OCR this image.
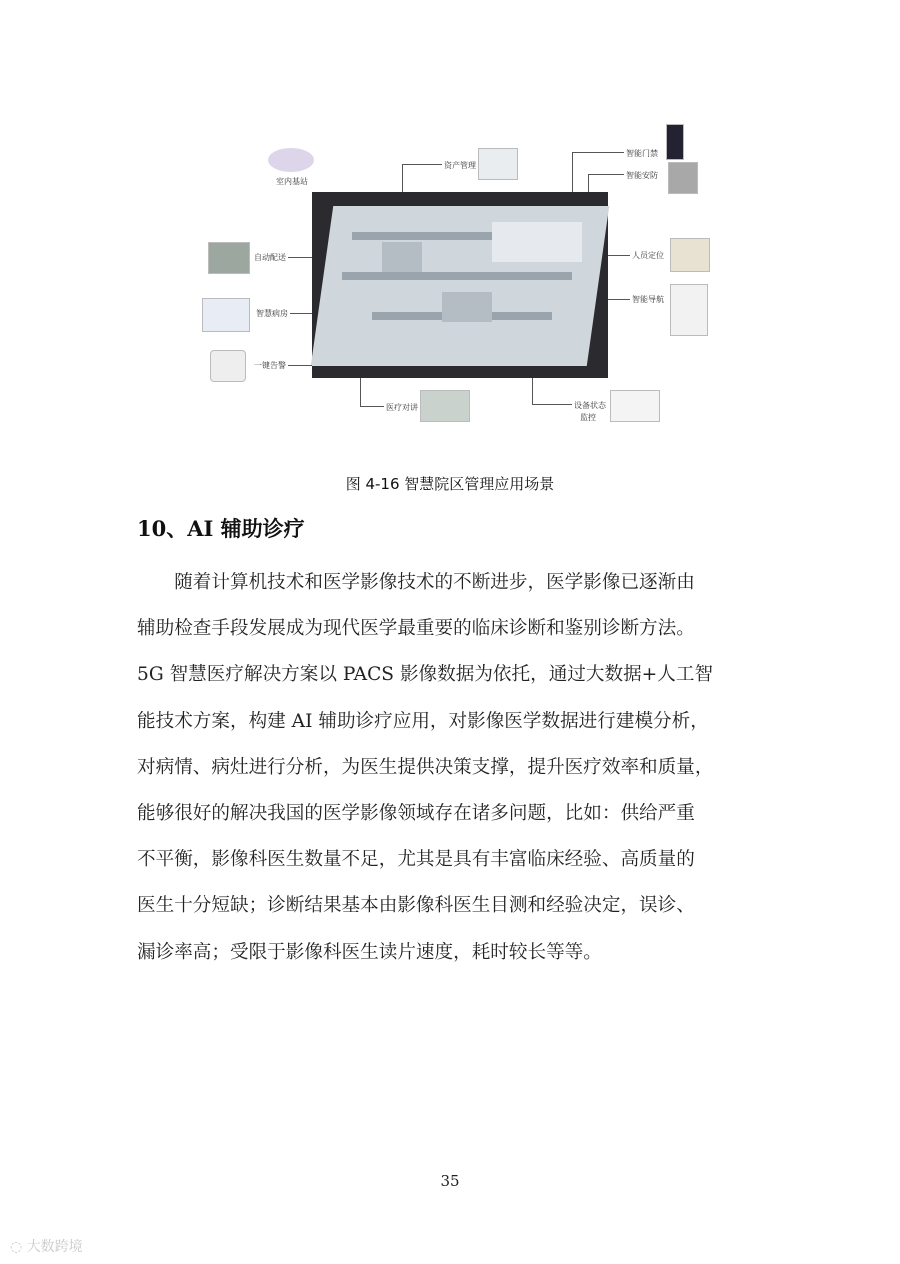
室内基站
资产管理
智能门禁
智能安防
自动配送	人员定位
智慧病房
智能导航
一键告警
医疗对讲	设备状态
监控
图 4-16 智慧院区管理应用场景
10、AI 辅助诊疗
　　随着计算机技术和医学影像技术的不断进步，医学影像已逐渐由
辅助检查手段发展成为现代医学最重要的临床诊断和鉴别诊断方法。
5G 智慧医疗解决方案以 PACS 影像数据为依托，通过大数据+人工智
能技术方案，构建 AI 辅助诊疗应用，对影像医学数据进行建模分析，
对病情、病灶进行分析，为医生提供决策支撑，提升医疗效率和质量，
能够很好的解决我国的医学影像领域存在诸多问题，比如：供给严重
不平衡，影像科医生数量不足，尤其是具有丰富临床经验、高质量的
医生十分短缺；诊断结果基本由影像科医生目测和经验决定，误诊、
漏诊率高；受限于影像科医生读片速度，耗时较长等等。
35
◌ 大数跨境
